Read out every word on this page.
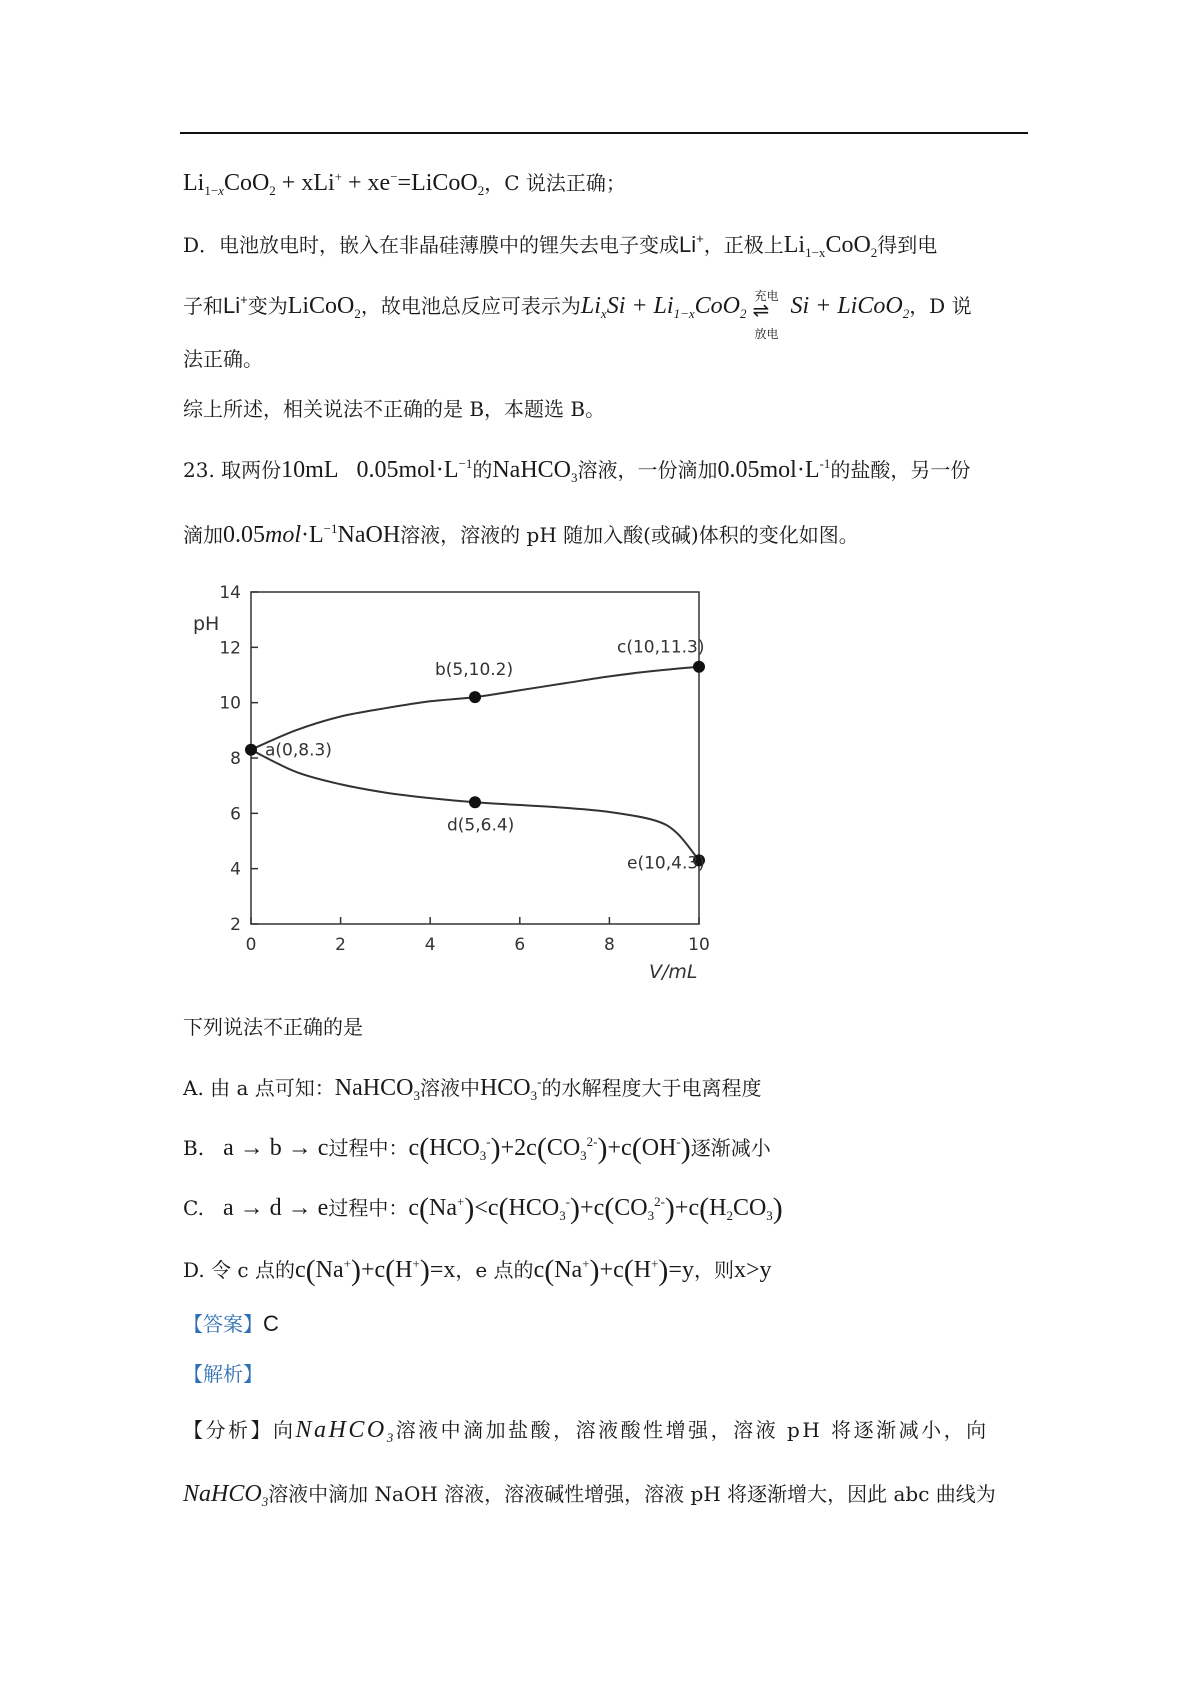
$Li_{1-x}CoO_2 + xLi^+$ + xe−=LiCoO$_2$，C 说法正确；
D．电池放电时，嵌入在非晶硅薄膜中的锂失去电子变成Li+，正极上$Li_{1-x}CoO_2$得到电
子和Li+变为LiCoO$_2$，故电池总反应可表示为$Li_xSi + Li_{1-x}CoO_2$
充电
⇌
放电
Si + LiCoO$_2$，D 说
法正确。
综上所述，相关说法不正确的是 B，本题选 B。
23. 取两份10mL   $0.05mol\cdot L^{-1}$的NaHCO$_3$溶液，一份滴加$0.05mol\cdot L^{-1}$的盐酸，另一份
滴加$0.05mol\cdot L^{-1}NaOH$溶液，溶液的 pH 随加入酸(或碱)体积的变化如图。
2
4
6
8
10
12
14
0	2	4	6	8	10
pH
V/mL
a(0,8.3)
b(5,10.2)
c(10,11.3)
d(5,6.4)
e(10,4.3)
下列说法不正确的是
A. 由 a 点可知：NaHCO$_3$溶液中$HCO_3^-$的水解程度大于电离程度
B. a → b → c过程中：$c(HCO_3^-)+2c(CO_3^{2-})+c(OH^-)$逐渐减小
C. a → d → e过程中：$c(Na^+)<c(HCO_3^-)+c(CO_3^{2-})+c(H_2CO_3)$
D. 令 c 点的c(Na+)+c(H+)=x，e 点的c(Na+)+c(H+)=y，则x>y
【答案】C
【解析】
【分析】向NaHCO$_3$溶液中滴加盐酸，溶液酸性增强，溶液 pH 将逐渐减小，向
NaHCO$_3$溶液中滴加 NaOH 溶液，溶液碱性增强，溶液 pH 将逐渐增大，因此 abc 曲线为
